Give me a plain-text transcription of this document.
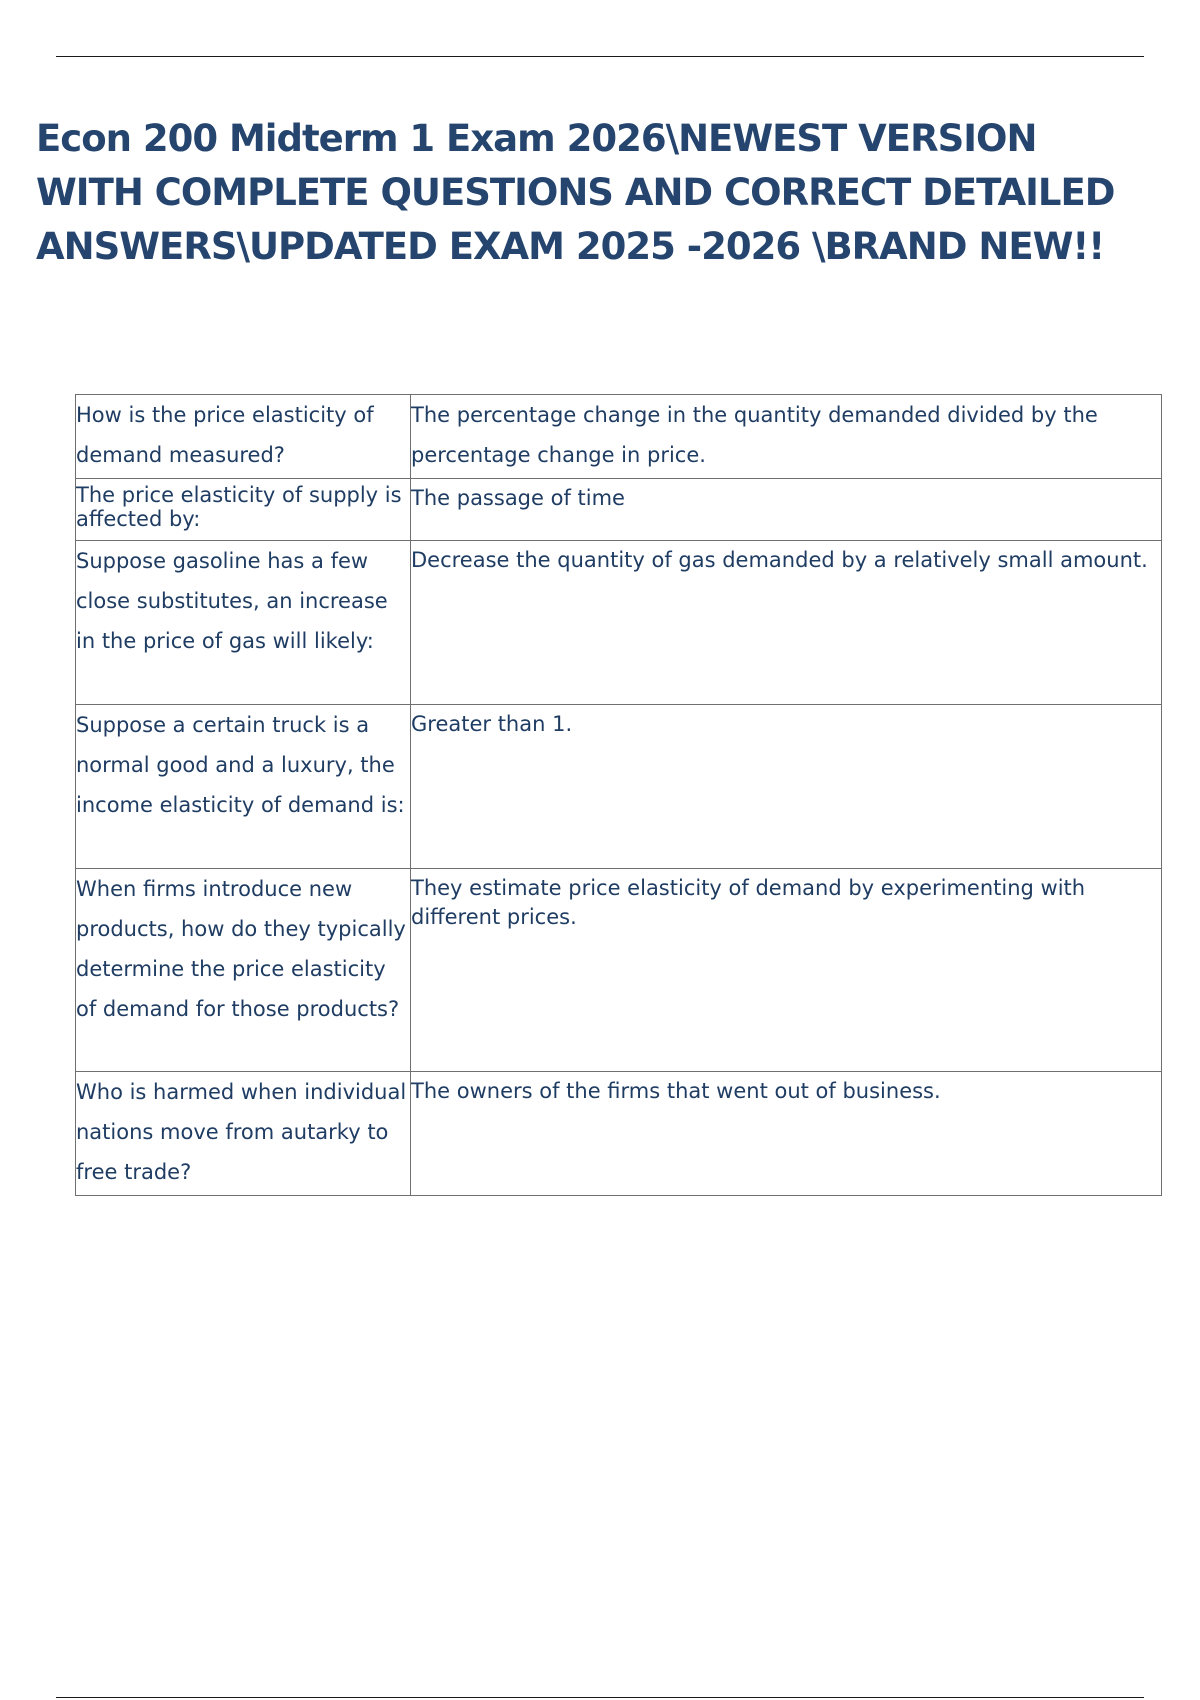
Econ 200 Midterm 1 Exam 2026\NEWEST VERSION
WITH COMPLETE QUESTIONS AND CORRECT DETAILED
ANSWERS\UPDATED EXAM 2025 -2026 \BRAND NEW!!
How is the price elasticity of demand measured?	The percentage change in the quantity demanded divided by the percentage change in price.

The price elasticity of supply is affected by:	The passage of time

Suppose gasoline has a few close substitutes, an increase in the price of gas will likely:	Decrease the quantity of gas demanded by a relatively small amount.

Suppose a certain truck is a normal good and a luxury, the income elasticity of demand is:	Greater than 1.

When firms introduce new products, how do they typically determine the price elasticity of demand for those products?	They estimate price elasticity of demand by experimenting with different prices.

Who is harmed when individual nations move from autarky to free trade?	The owners of the firms that went out of business.
